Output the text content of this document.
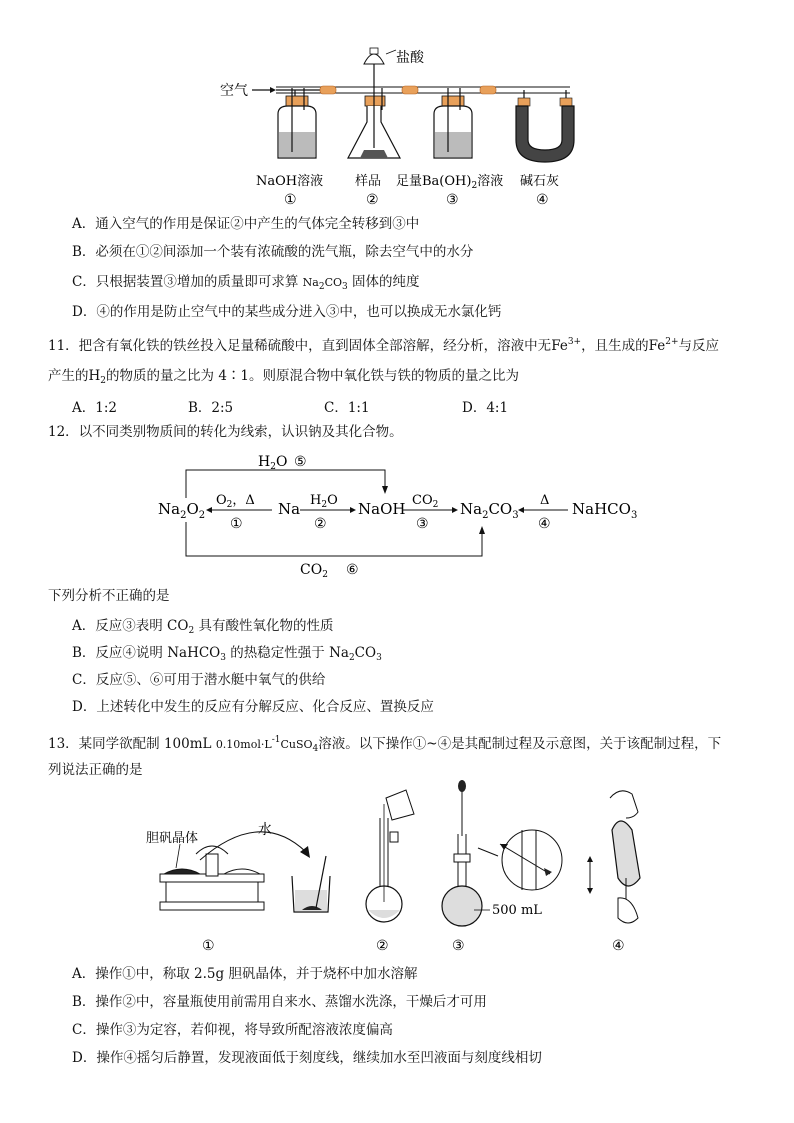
空气
盐酸
NaOH溶液 样品 足量$Ba(OH)_2$溶液 碱石灰
①	②	③	④
A．通入空气的作用是保证②中产生的气体完全转移到③中
B．必须在①②间添加一个装有浓硫酸的洗气瓶，除去空气中的水分
C．只根据装置③增加的质量即可求算 $Na_2CO_3$ 固体的纯度
D．④的作用是防止空气中的某些成分进入③中，也可以换成无水氯化钙
11．把含有氧化铁的铁丝投入足量稀硫酸中，直到固体全部溶解，经分析，溶液中无$Fe^{3+}$，且生成的$Fe^{2+}$与反应
产生的$H_2$的物质的量之比为 4∶1。则原混合物中氧化铁与铁的物质的量之比为
A．1:2	B．2:5	C．1:1	D．4:1
12．以不同类别物质间的转化为线索，认识钠及其化合物。
$H_2O$ ⑤
$Na_2O_2$
$O_2$，Δ
①
Na $H_2O$
②
NaOH $CO_2$
③
$Na_2CO_3$
Δ
④
NaHCO$_3$
$CO_2$ ⑥
下列分析不正确的是
A．反应③表明 $CO_2$ 具有酸性氧化物的性质
B．反应④说明 NaHCO$_3$ 的热稳定性强于 $Na_2CO_3$
C．反应⑤、⑥可用于潜水艇中氧气的供给
D．上述转化中发生的反应有分解反应、化合反应、置换反应
13．某同学欲配制 100mL $0.10mol\cdot L^{-1}CuSO_4$溶液。以下操作①~④是其配制过程及示意图，关于该配制过程，下
列说法正确的是
胆矾晶体
水
500 mL
①	②	③	④
A．操作①中，称取 2.5g 胆矾晶体，并于烧杯中加水溶解
B．操作②中，容量瓶使用前需用自来水、蒸馏水洗涤，干燥后才可用
C．操作③为定容，若仰视，将导致所配溶液浓度偏高
D．操作④摇匀后静置，发现液面低于刻度线，继续加水至凹液面与刻度线相切
